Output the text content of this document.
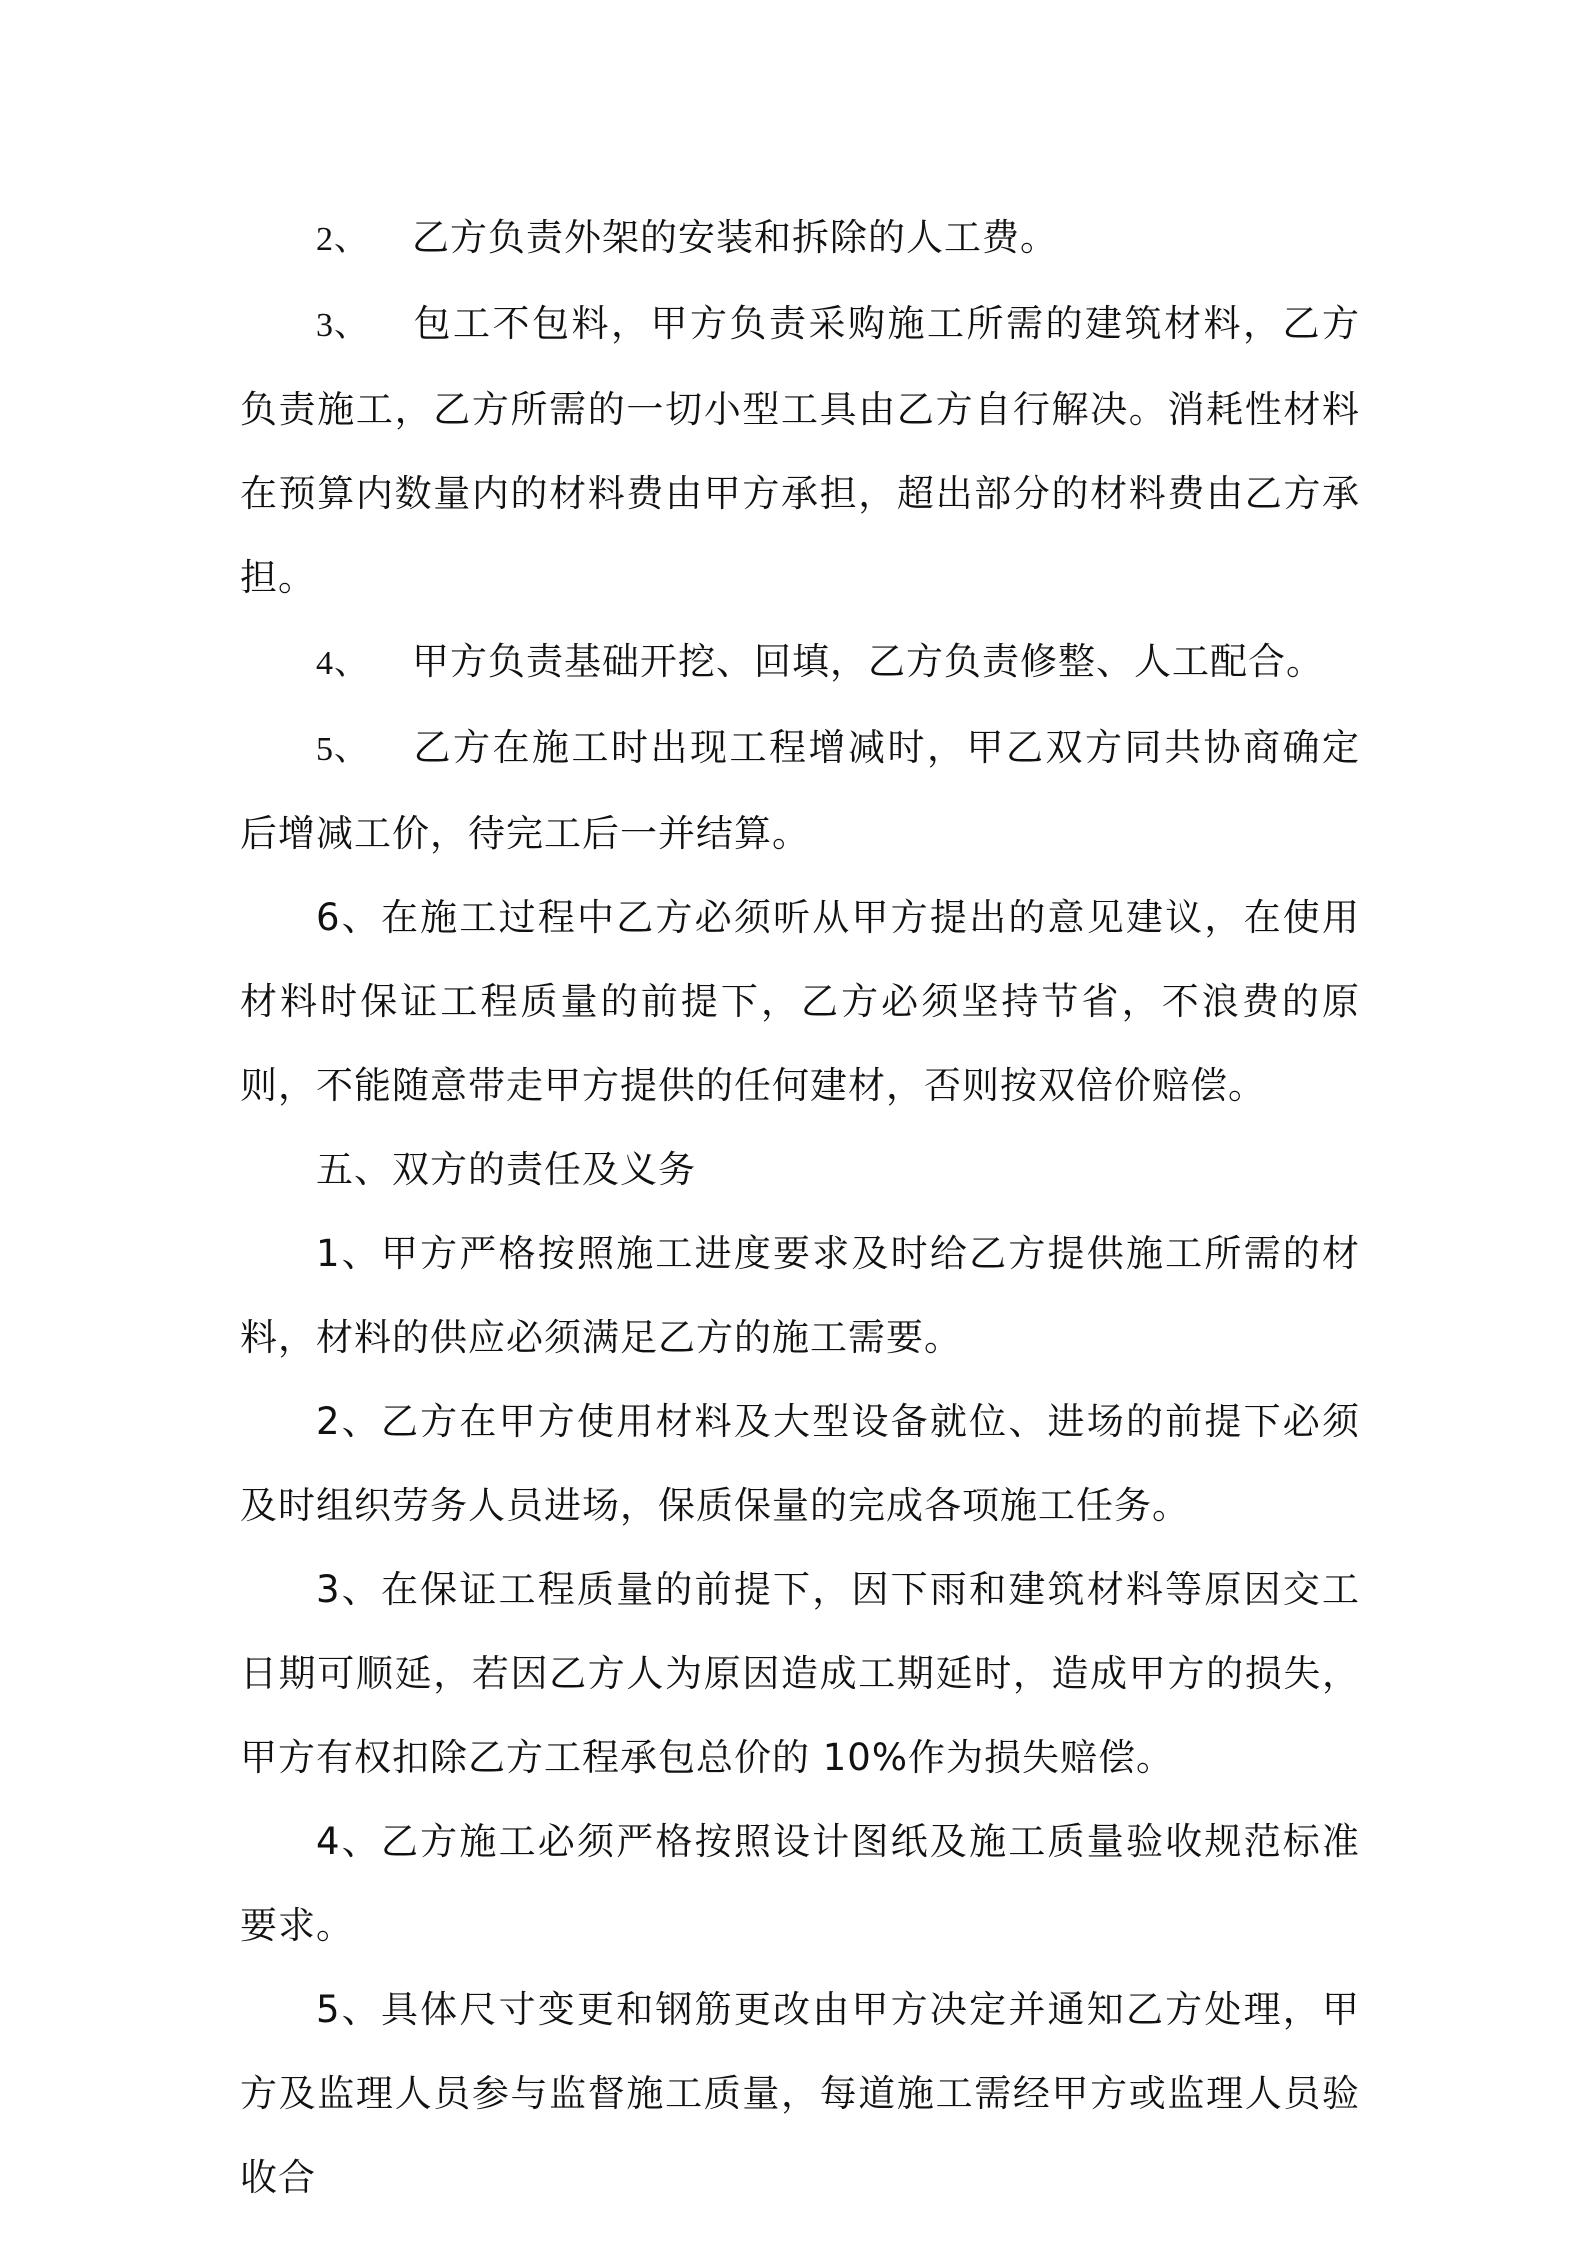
2、 乙方负责外架的安装和拆除的人工费。

3、 包工不包料，甲方负责采购施工所需的建筑材料，乙方负责施工，乙方所需的一切小型工具由乙方自行解决。消耗性材料在预算内数量内的材料费由甲方承担，超出部分的材料费由乙方承担。

4、 甲方负责基础开挖、回填，乙方负责修整、人工配合。

5、 乙方在施工时出现工程增减时，甲乙双方同共协商确定后增减工价，待完工后一并结算。

6、在施工过程中乙方必须听从甲方提出的意见建议，在使用材料时保证工程质量的前提下，乙方必须坚持节省，不浪费的原则，不能随意带走甲方提供的任何建材，否则按双倍价赔偿。

五、双方的责任及义务

1、甲方严格按照施工进度要求及时给乙方提供施工所需的材料，材料的供应必须满足乙方的施工需要。

2、乙方在甲方使用材料及大型设备就位、进场的前提下必须及时组织劳务人员进场，保质保量的完成各项施工任务。

3、在保证工程质量的前提下，因下雨和建筑材料等原因交工日期可顺延，若因乙方人为原因造成工期延时，造成甲方的损失，甲方有权扣除乙方工程承包总价的 10%作为损失赔偿。

4、乙方施工必须严格按照设计图纸及施工质量验收规范标准要求。

5、具体尺寸变更和钢筋更改由甲方决定并通知乙方处理，甲方及监理人员参与监督施工质量，每道施工需经甲方或监理人员验收合
